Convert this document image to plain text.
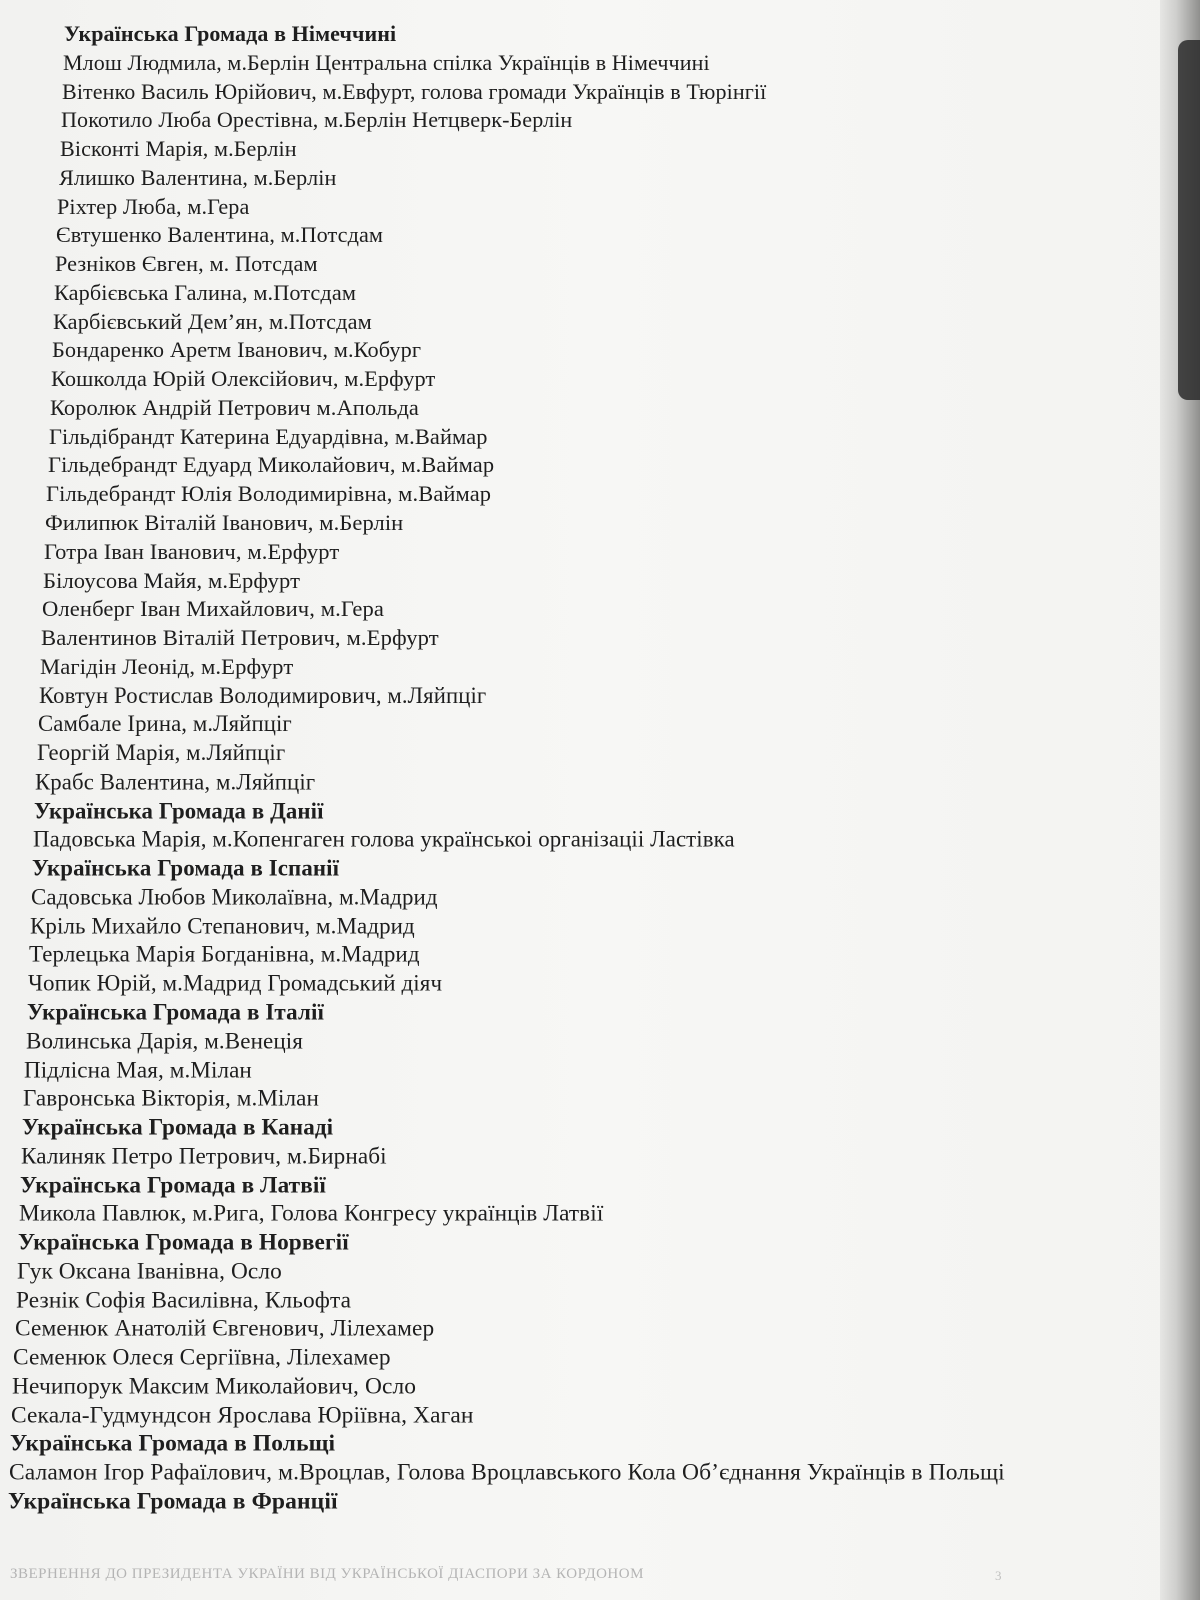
Українська Громада в Німеччині
Млош Людмила, м.Берлін Центральна спілка Українців в Німеччині
Вітенко Василь Юрійович, м.Евфурт, голова громади Українців в Тюрінгії
Покотило Люба Орестівна, м.Берлін Нетцверк-Берлін
Вісконті Марія, м.Берлін
Ялишко Валентина, м.Берлін
Ріхтер Люба, м.Гера
Євтушенко Валентина, м.Потсдам
Резніков Євген, м. Потсдам
Карбієвська Галина, м.Потсдам
Карбієвський Дем’ян, м.Потсдам
Бондаренко Аретм Іванович, м.Кобург
Кошколда Юрій Олексійович, м.Ерфурт
Королюк Андрій Петрович м.Апольда
Гільдібрандт Катерина Едуардівна, м.Ваймар
Гільдебрандт Едуард Миколайович, м.Ваймар
Гільдебрандт Юлія Володимирівна, м.Ваймар
Филипюк Віталій Іванович, м.Берлін
Готра Іван Іванович, м.Ерфурт
Білоусова Майя, м.Ерфурт
Оленберг Іван Михайлович, м.Гера
Валентинов Віталій Петрович, м.Ерфурт
Магідін Леонід, м.Ерфурт
Ковтун Ростислав Володимирович, м.Ляйпціг
Самбале Ірина, м.Ляйпціг
Георгій Марія, м.Ляйпціг
Крабс Валентина, м.Ляйпціг
Українська Громада в Данії
Падовська Марія, м.Копенгаген голова українськоі організаціі Ластівка
Українська Громада в Іспанії
Садовська Любов Миколаївна, м.Мадрид
Кріль Михайло Степанович, м.Мадрид
Терлецька Марія Богданівна, м.Мадрид
Чопик Юрій, м.Мадрид Громадський діяч
Українська Громада в Італії
Волинська Дарія, м.Венеція
Підлісна Мая, м.Мілан
Гавронська Вікторія, м.Мілан
Українська Громада в Канаді
Калиняк Петро Петрович, м.Бирнабі
Українська Громада в Латвії
Микола Павлюк, м.Рига, Голова Конгресу українців Латвії
Українська Громада в Норвегії
Гук Оксана Іванівна, Осло
Резнік Софія Василівна, Кльофта
Семенюк Анатолій Євгенович, Лілехамер
Семенюк Олеся Сергіївна, Лілехамер
Нечипорук Максим Миколайович, Осло
Секала-Гудмундсон Ярослава Юріївна, Хаган
Українська Громада в Польщі
Саламон Ігор Рафаїлович, м.Вроцлав, Голова Вроцлавського Кола Об’єднання Українців в Польщі
Українська Громада в Франції
ЗВЕРНЕННЯ ДО ПРЕЗИДЕНТА УКРАЇНИ ВІД УКРАЇНСЬКОЇ ДІАСПОРИ ЗА КОРДОНОМ	3
